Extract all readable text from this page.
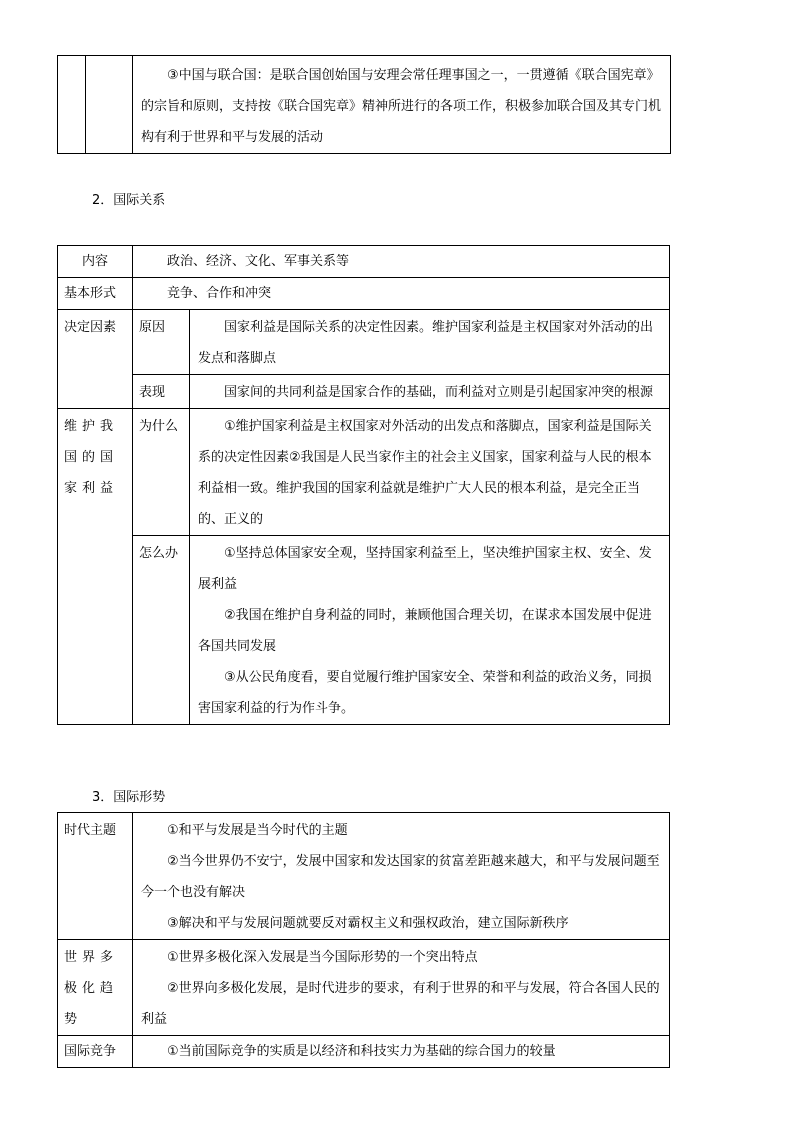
③中国与联合国：是联合国创始国与安理会常任理事国之一，一贯遵循《联合国宪章》的宗旨和原则，支持按《联合国宪章》精神所进行的各项工作，积极参加联合国及其专门机构有利于世界和平与发展的活动
2．国际关系
内容	政治、经济、文化、军事关系等	

基本形式	竞争、合作和冲突	

决定因素	原因	国家利益是国际关系的决定性因素。维护国家利益是主权国家对外活动的出发点和落脚点

	表现	国家间的共同利益是国家合作的基础，而利益对立则是引起国家冲突的根源

维护我国的国家利益	为什么	①维护国家利益是主权国家对外活动的出发点和落脚点，国家利益是国际关系的决定性因素②我国是人民当家作主的社会主义国家，国家利益与人民的根本利益相一致。维护我国的国家利益就是维护广大人民的根本利益，是完全正当的、正义的

	怎么办	①坚持总体国家安全观，坚持国家利益至上，坚决维护国家主权、安全、发展利益
②我国在维护自身利益的同时，兼顾他国合理关切，在谋求本国发展中促进各国共同发展
③从公民角度看，要自觉履行维护国家安全、荣誉和利益的政治义务，同损害国家利益的行为作斗争。
3．国际形势
时代主题	①和平与发展是当今时代的主题
②当今世界仍不安宁，发展中国家和发达国家的贫富差距越来越大，和平与发展问题至今一个也没有解决
③解决和平与发展问题就要反对霸权主义和强权政治，建立国际新秩序

世界多极化趋势	①世界多极化深入发展是当今国际形势的一个突出特点
②世界向多极化发展，是时代进步的要求，有利于世界的和平与发展，符合各国人民的利益

国际竞争	①当前国际竞争的实质是以经济和科技实力为基础的综合国力的较量
